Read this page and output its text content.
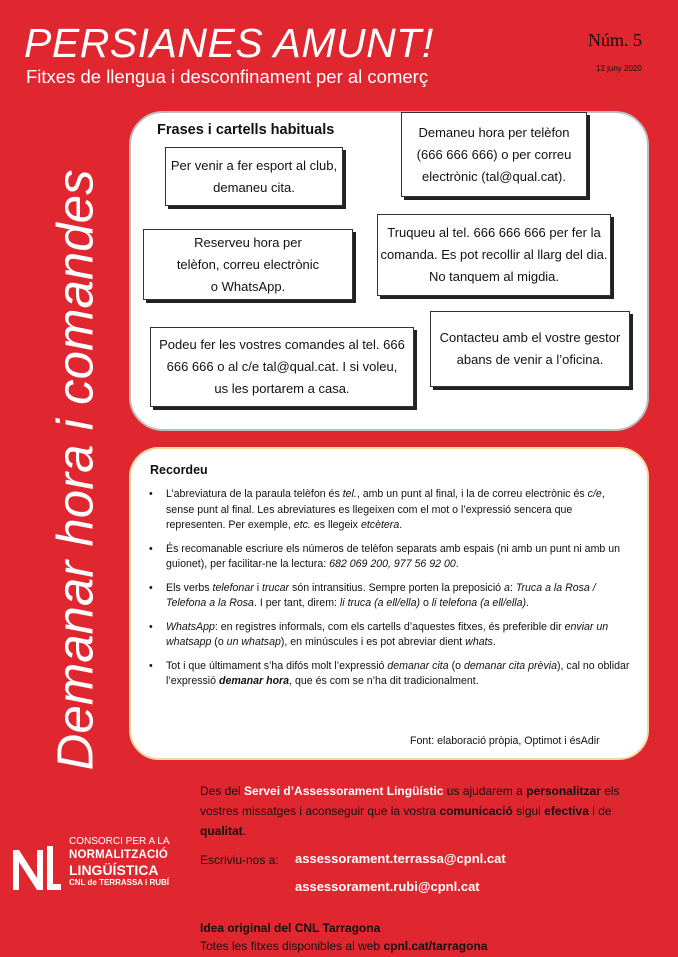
PERSIANES AMUNT!
Fitxes de llengua i desconfinament per al comerç
Núm. 5
12 juny 2020
Demanar hora i comandes
Frases i cartells habituals
Per venir a fer esport al club,
demaneu cita.
Demaneu hora per telèfon
(666 666 666) o per correu
electrònic (tal@qual.cat).
Reserveu hora per
telèfon, correu electrònic
o WhatsApp.
Truqueu al tel. 666 666 666 per fer la
comanda. Es pot recollir al llarg del dia.
No tanquem al migdia.
Podeu fer les vostres comandes al tel. 666
666 666 o al c/e tal@qual.cat. I si voleu,
us les portarem a casa.
Contacteu amb el vostre gestor
abans de venir a l’oficina.
Recordeu
• L’abreviatura de la paraula telèfon és tel., amb un punt al final, i la de correu electrònic és c/e, sense punt al final. Les abreviatures es llegeixen com el mot o l’expressió sencera que representen. Per exemple, etc. es llegeix etcètera.
• És recomanable escriure els números de telèfon separats amb espais (ni amb un punt ni amb un guionet), per facilitar-ne la lectura: 682 069 200, 977 56 92 00.
• Els verbs telefonar i trucar són intransitius. Sempre porten la preposició a: Truca a la Rosa / Telefona a la Rosa. I per tant, direm: li truca (a ell/ella) o li telefona (a ell/ella).
• WhatsApp: en registres informals, com els cartells d’aquestes fitxes, és preferible dir enviar un whatsapp (o un whatsap), en minúscules i es pot abreviar dient whats.
• Tot i que últimament s’ha difós molt l’expressió demanar cita (o demanar cita prèvia), cal no oblidar l’expressió demanar hora, que és com se n’ha dit tradicionalment.
Font: elaboració pròpia, Optimot i ésAdir
Des del Servei d’Assessorament Lingüístic us ajudarem a personalitzar els vostres missatges i aconseguir que la vostra comunicació sigui efectiva i de qualitat.
Escriviu-nos a: assessorament.terrassa@cpnl.cat
assessorament.rubi@cpnl.cat
Idea original del CNL Tarragona
Totes les fitxes disponibles al web cpnl.cat/tarragona
CONSORCI PER A LA
NORMALITZACIÓ
LINGÜÍSTICA
CNL de TERRASSA i RUBÍ
